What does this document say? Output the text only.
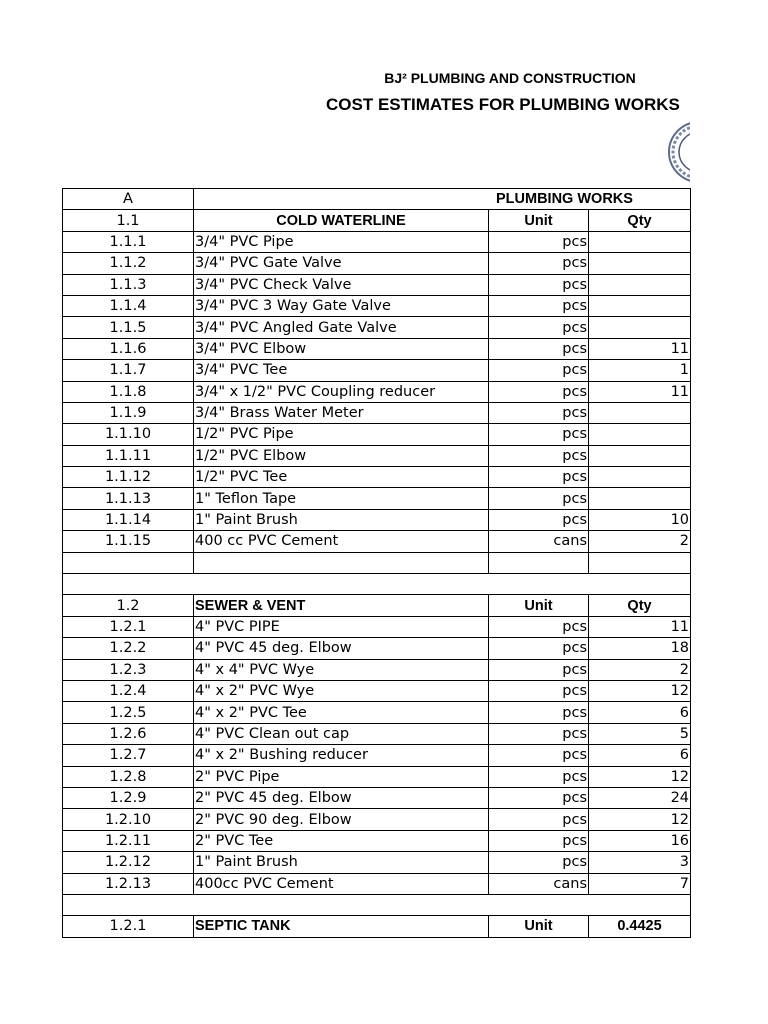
BJ² PLUMBING AND CONSTRUCTION
COST ESTIMATES FOR PLUMBING WORKS
A	PLUMBING WORKS		
1.1	COLD WATERLINE	Unit	Qty
1.1.1	3/4" PVC Pipe	pcs	
1.1.2	3/4" PVC Gate Valve	pcs	
1.1.3	3/4" PVC Check Valve	pcs	
1.1.4	3/4" PVC 3 Way Gate Valve	pcs	
1.1.5	3/4" PVC Angled Gate Valve	pcs	
1.1.6	3/4" PVC Elbow	pcs	11
1.1.7	3/4" PVC Tee	pcs	1
1.1.8	3/4" x 1/2" PVC Coupling reducer	pcs	11
1.1.9	3/4" Brass Water Meter	pcs	
1.1.10	1/2" PVC Pipe	pcs	
1.1.11	1/2" PVC Elbow	pcs	
1.1.12	1/2" PVC Tee	pcs	
1.1.13	1" Teflon Tape	pcs	
1.1.14	1" Paint Brush	pcs	10
1.1.15	400 cc PVC Cement	cans	2

1.2	SEWER & VENT	Unit	Qty
1.2.1	4" PVC PIPE	pcs	11
1.2.2	4" PVC 45 deg. Elbow	pcs	18
1.2.3	4" x 4" PVC Wye	pcs	2
1.2.4	4" x 2" PVC Wye	pcs	12
1.2.5	4" x 2" PVC Tee	pcs	6
1.2.6	4" PVC Clean out cap	pcs	5
1.2.7	4" x 2" Bushing reducer	pcs	6
1.2.8	2" PVC Pipe	pcs	12
1.2.9	2" PVC 45 deg. Elbow	pcs	24
1.2.10	2" PVC 90 deg. Elbow	pcs	12
1.2.11	2" PVC Tee	pcs	16
1.2.12	1" Paint Brush	pcs	3
1.2.13	400cc PVC Cement	cans	7

1.2.1	SEPTIC TANK	Unit	0.4425
